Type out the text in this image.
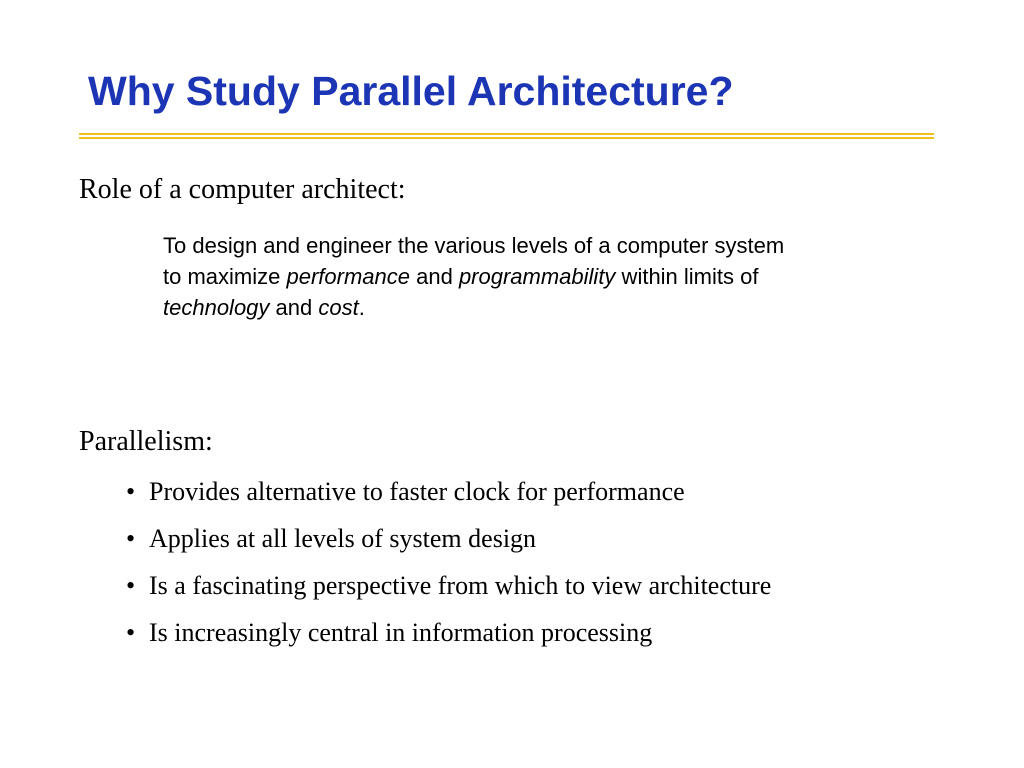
Why Study Parallel Architecture?

Role of a computer architect:

To design and engineer the various levels of a computer system
to maximize performance and programmability within limits of
technology and cost.

Parallelism:

• Provides alternative to faster clock for performance
• Applies at all levels of system design
• Is a fascinating perspective from which to view architecture
• Is increasingly central in information processing
